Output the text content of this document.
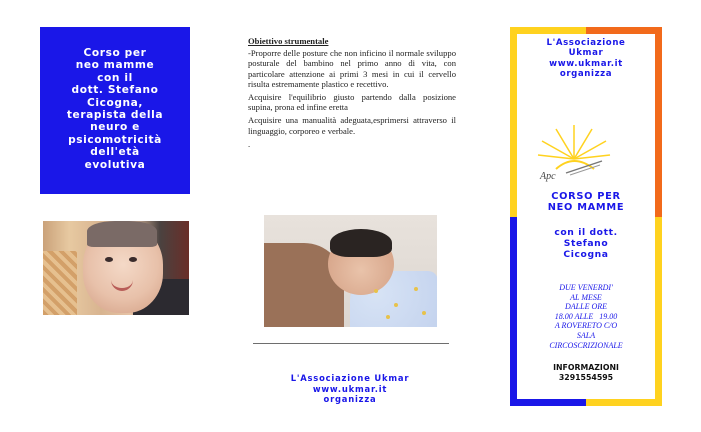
Corso per
neo mamme
con il
dott. Stefano
Cicogna,
terapista della
neuro e
psicomotricità
dell'età
evolutiva
Obiettivo strumentale

-Proporre delle posture che non inficino il normale sviluppo posturale del bambino nel primo anno di vita, con particolare attenzione ai primi 3 mesi in cui il cervello risulta estremamente plastico e recettivo.

Acquisire l'equilibrio giusto partendo dalla posizione supina, prona ed infine eretta

Acquisire una manualità adeguata,esprimersi attraverso il linguaggio, corporeo e verbale.

.

L'Associazione Ukmar
www.ukmar.it
organizza
L'Associazione
Ukmar
www.ukmar.it
organizza
Apc
CORSO PER
NEO MAMME
con il dott.
Stefano
Cicogna
DUE VENERDI'
AL MESE
DALLE ORE
18.00 ALLE   19.00
A ROVERETO C/O
SALA
CIRCOSCRIZIONALE
INFORMAZIONI
3291554595
